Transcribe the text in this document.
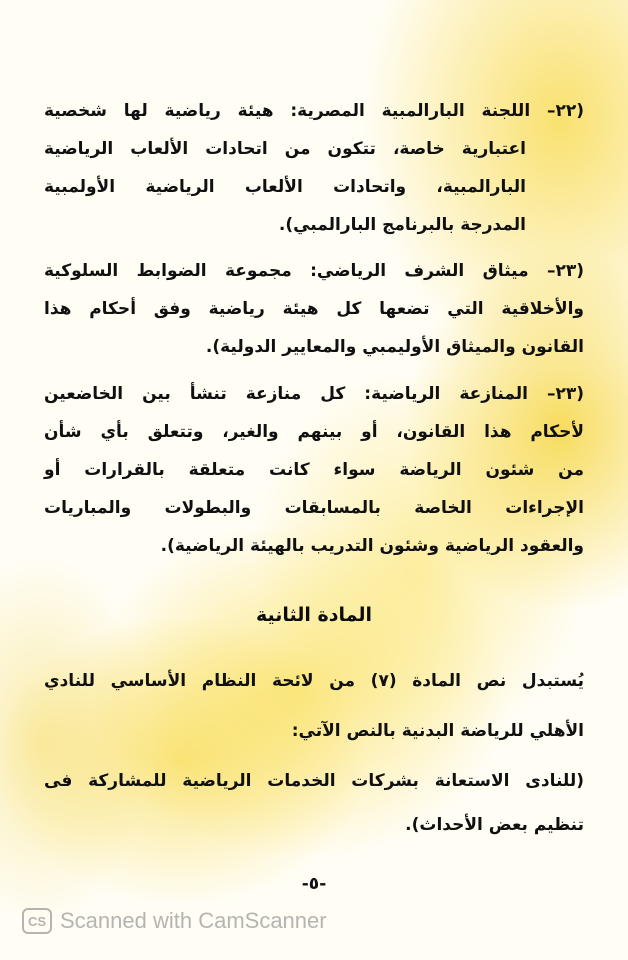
(٢٢– اللجنة البارالمبية المصرية: هيئة رياضية لها شخصية
اعتبارية خاصة، تتكون من اتحادات الألعاب الرياضية
البارالمبية، واتحادات الألعاب الرياضية الأولمبية
المدرجة بالبرنامج البارالمبي).
(٢٣– ميثاق الشرف الرياضي: مجموعة الضوابط السلوكية
والأخلاقية التي تضعها كل هيئة رياضية وفق أحكام هذا
القانون والميثاق الأوليمبي والمعايير الدولية).
(٢٣– المنازعة الرياضية: كل منازعة تنشأ بين الخاضعين
لأحكام هذا القانون، أو بينهم والغير، وتتعلق بأي شأن
من شئون الرياضة سواء كانت متعلقة بالقرارات أو
الإجراءات الخاصة بالمسابقات والبطولات والمباريات
والعقود الرياضية وشئون التدريب بالهيئة الرياضية).
المادة الثانية
يُستبدل نص المادة (٧) من لائحة النظام الأساسي للنادي
الأهلي للرياضة البدنية بالنص الآتي:
(للنادى الاستعانة بشركات الخدمات الرياضية للمشاركة فى
تنظيم بعض الأحداث).
-٥-
CS Scanned with CamScanner
